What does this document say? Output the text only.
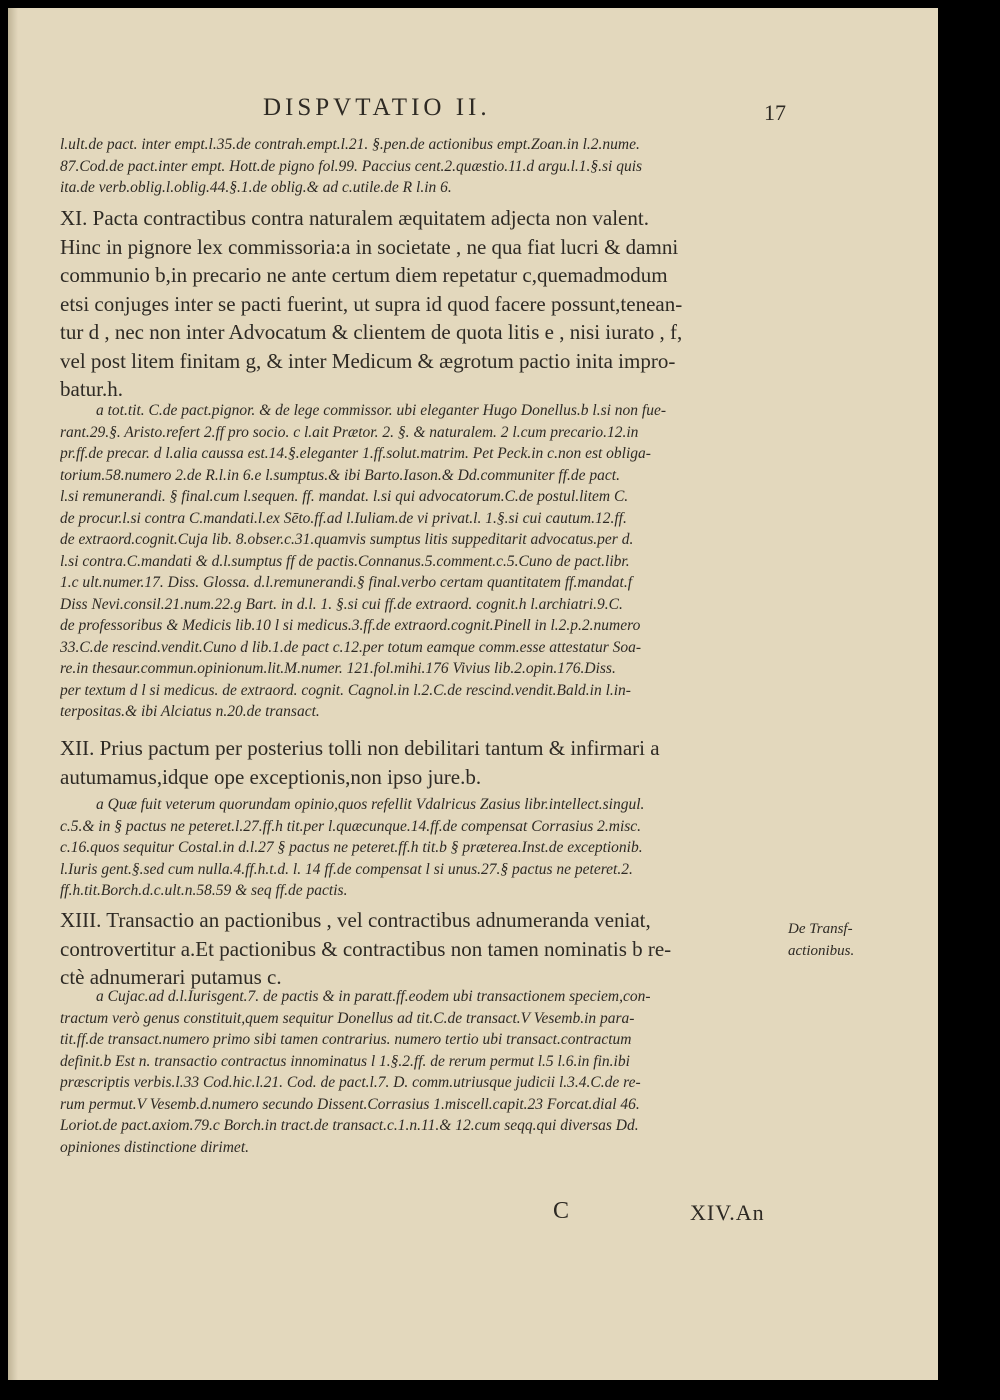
DISPVTATIO II.	17

l.ult.de pact. inter empt.l.35.de contrah.empt.l.21. §.pen.de actionibus empt.Zoan.in l.2.nume.
87.Cod.de pact.inter empt. Hott.de pigno fol.99. Paccius cent.2.quæstio.11.d argu.l.1.§.si quis
ita.de verb.oblig.l.oblig.44.§.1.de oblig.& ad c.utile.de R l.in 6.

XI. Pacta contractibus contra naturalem æquitatem adjecta non valent.
Hinc in pignore lex commissoria:a in societate , ne qua fiat lucri & damni
communio b,in precario ne ante certum diem repetatur c,quemadmodum
etsi conjuges inter se pacti fuerint, ut supra id quod facere possunt,tenean-
tur d , nec non inter Advocatum & clientem de quota litis e , nisi iurato , f,
vel post litem finitam g, & inter Medicum & ægrotum pactio inita impro-
batur.h.

a tot.tit. C.de pact.pignor. & de lege commissor. ubi eleganter Hugo Donellus.b l.si non fue-
rant.29.§. Aristo.refert 2.ff pro socio. c l.ait Prætor. 2. §. & naturalem. 2 l.cum precario.12.in
pr.ff.de precar. d l.alia caussa est.14.§.eleganter 1.ff.solut.matrim. Pet Peck.in c.non est obliga-
torium.58.numero 2.de R.l.in 6.e l.sumptus.& ibi Barto.Iason.& Dd.communiter ff.de pact.
l.si remunerandi. § final.cum l.sequen. ff. mandat. l.si qui advocatorum.C.de postul.litem C.
de procur.l.si contra C.mandati.l.ex Sēto.ff.ad l.Iuliam.de vi privat.l. 1.§.si cui cautum.12.ff.
de extraord.cognit.Cuja lib. 8.obser.c.31.quamvis sumptus litis suppeditarit advocatus.per d.
l.si contra.C.mandati & d.l.sumptus ff de pactis.Connanus.5.comment.c.5.Cuno de pact.libr.
1.c ult.numer.17. Diss. Glossa. d.l.remunerandi.§ final.verbo certam quantitatem ff.mandat.f
Diss Nevi.consil.21.num.22.g Bart. in d.l. 1. §.si cui ff.de extraord. cognit.h l.archiatri.9.C.
de professoribus & Medicis lib.10 l si medicus.3.ff.de extraord.cognit.Pinell in l.2.p.2.numero
33.C.de rescind.vendit.Cuno d lib.1.de pact c.12.per totum eamque comm.esse attestatur Soa-
re.in thesaur.commun.opinionum.lit.M.numer. 121.fol.mihi.176 Vivius lib.2.opin.176.Diss.
per textum d l si medicus. de extraord. cognit. Cagnol.in l.2.C.de rescind.vendit.Bald.in l.in-
terpositas.& ibi Alciatus n.20.de transact.

XII. Prius pactum per posterius tolli non debilitari tantum & infirmari a
autumamus,idque ope exceptionis,non ipso jure.b.

a Quæ fuit veterum quorundam opinio,quos refellit Vdalricus Zasius libr.intellect.singul.
c.5.& in § pactus ne peteret.l.27.ff.h tit.per l.quæcunque.14.ff.de compensat Corrasius 2.misc.
c.16.quos sequitur Costal.in d.l.27 § pactus ne peteret.ff.h tit.b § præterea.Inst.de exceptionib.
l.Iuris gent.§.sed cum nulla.4.ff.h.t.d. l. 14 ff.de compensat l si unus.27.§ pactus ne peteret.2.
ff.h.tit.Borch.d.c.ult.n.58.59 & seq ff.de pactis.

XIII. Transactio an pactionibus , vel contractibus adnumeranda veniat,
controvertitur a.Et pactionibus & contractibus non tamen nominatis b re-
ctè adnumerari putamus c.

De Transf-
actionibus.

a Cujac.ad d.l.Iurisgent.7. de pactis & in paratt.ff.eodem ubi transactionem speciem,con-
tractum verò genus constituit,quem sequitur Donellus ad tit.C.de transact.V Vesemb.in para-
tit.ff.de transact.numero primo sibi tamen contrarius. numero tertio ubi transact.contractum
definit.b Est n. transactio contractus innominatus l 1.§.2.ff. de rerum permut l.5 l.6.in fin.ibi
præscriptis verbis.l.33 Cod.hic.l.21. Cod. de pact.l.7. D. comm.utriusque judicii l.3.4.C.de re-
rum permut.V Vesemb.d.numero secundo Dissent.Corrasius 1.miscell.capit.23 Forcat.dial 46.
Loriot.de pact.axiom.79.c Borch.in tract.de transact.c.1.n.11.& 12.cum seqq.qui diversas Dd.
opiniones distinctione dirimet.

C	XIV.An
